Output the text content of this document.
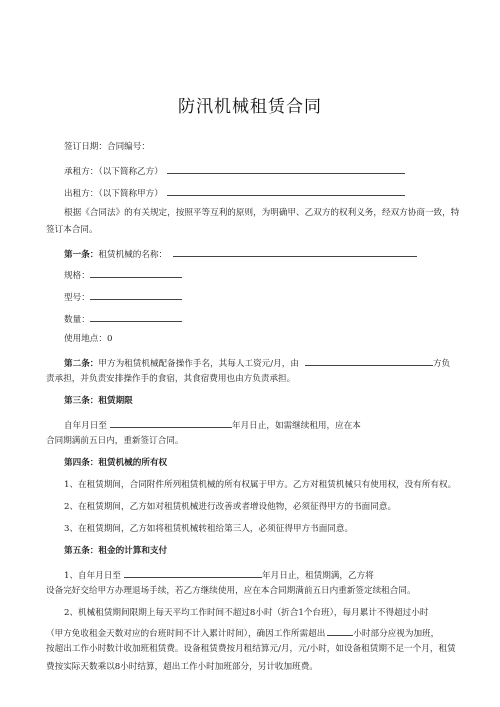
防汛机械租赁合同
签订日期：合同编号：
承租方：（以下简称乙方）
出租方：（以下简称甲方）
根据《合同法》的有关规定，按照平等互利的原则，为明确甲、乙双方的权利义务，经双方协商一致，特
签订本合同。
第一条：租赁机械的名称：
规格：
型号：
数量：
使用地点：0
第二条：甲方为租赁机械配备操作手名，其每人工资元/月，由	方负
责承担，并负责安排操作手的食宿，其食宿费用也由方负责承担。
第三条：租赁期限
自年月日至	年月日止，如需继续租用，应在本
合同期满前五日内，重新签订合同。
第四条：租赁机械的所有权
1、在租赁期间，合同附件所列租赁机械的所有权属于甲方。乙方对租赁机械只有使用权，没有所有权。
2、在租赁期间，乙方如对租赁机械进行改善或者增设他物，必须征得甲方的书面同意。
3、在租赁期间，乙方如将租赁机械转租给第三人，必须征得甲方书面同意。
第五条：租金的计算和支付
1、自年月日至	年月日止，租赁期满，乙方将
设备完好交给甲方办理退场手续，若乙方继续使用，应在本合同期满前五日内重新签定续租合同。
2、机械租赁期间限期上每天平均工作时间不超过8小时（折合1个台班），每月累计不得超过小时
（甲方免收租金天数对应的台班时间不计入累计时间），确因工作所需超出	小时部分应视为加班，
按超出工作小时数计收加班租赁费。设备租赁费按月租结算元/月，元/小时，如设备租赁期不足一个月，租赁
费按实际天数乘以8小时结算，超出工作小时加班部分，另计收加班费。
